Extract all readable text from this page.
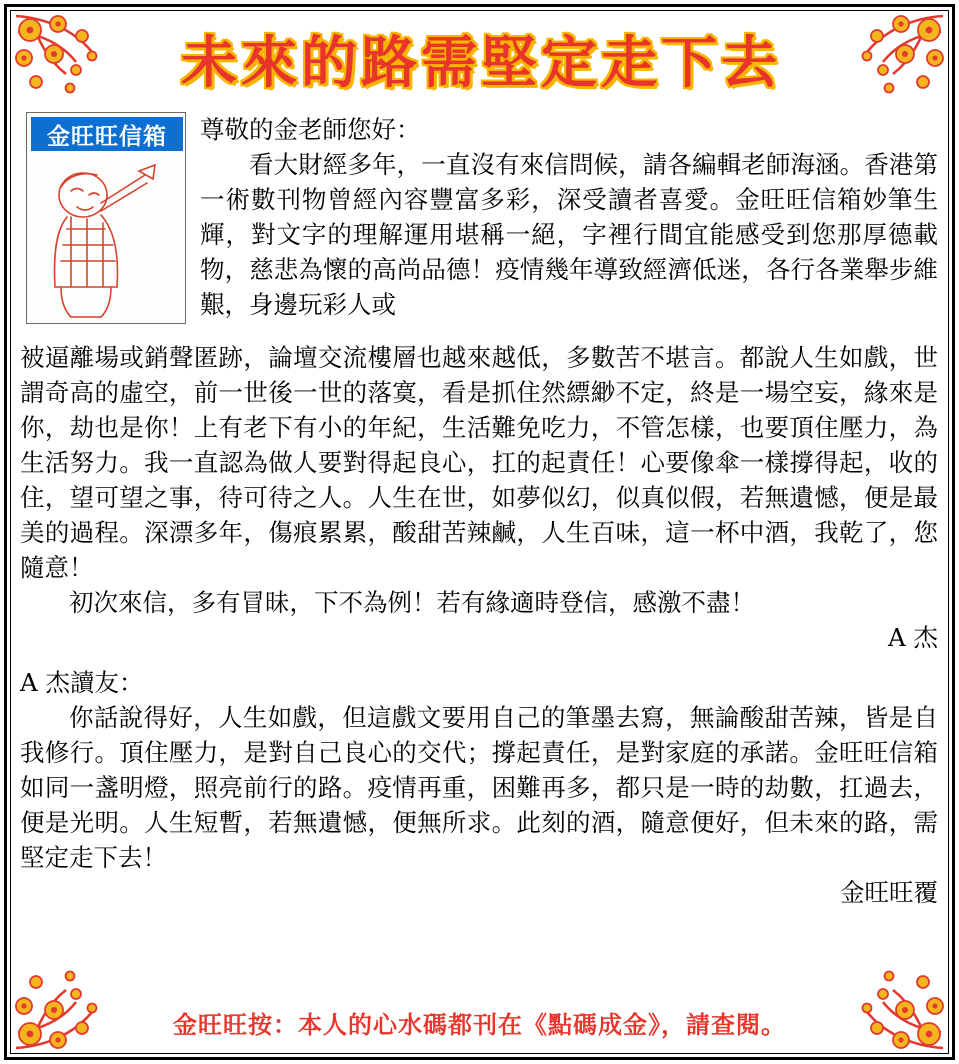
未來的路需堅定走下去
金旺旺信箱	尊敬的金老師您好：

看大財經多年，一直沒有來信問候，請各編輯老師海涵。香港第一術數刊物曾經內容豐富多彩，深受讀者喜愛。金旺旺信箱妙筆生輝，對文字的理解運用堪稱一絕，字裡行間宜能感受到您那厚德載物，慈悲為懷的高尚品德！疫情幾年導致經濟低迷，各行各業舉步維艱，身邊玩彩人或

被逼離場或銷聲匿跡，論壇交流樓層也越來越低，多數苦不堪言。都說人生如戲，世謂奇高的虛空，前一世後一世的落寞，看是抓住然縹緲不定，終是一場空妄，緣來是你，劫也是你！上有老下有小的年紀，生活難免吃力，不管怎樣，也要頂住壓力，為生活努力。我一直認為做人要對得起良心，扛的起責任！心要像傘一樣撐得起，收的住，望可望之事，待可待之人。人生在世，如夢似幻，似真似假，若無遺憾，便是最美的過程。深漂多年，傷痕累累，酸甜苦辣鹹，人生百味，這一杯中酒，我乾了，您隨意！

初次來信，多有冒昧，下不為例！若有緣適時登信，感激不盡！

A 杰

A 杰讀友：

你話說得好，人生如戲，但這戲文要用自己的筆墨去寫，無論酸甜苦辣，皆是自我修行。頂住壓力，是對自己良心的交代；撐起責任，是對家庭的承諾。金旺旺信箱如同一盞明燈，照亮前行的路。疫情再重，困難再多，都只是一時的劫數，扛過去，便是光明。人生短暫，若無遺憾，便無所求。此刻的酒，隨意便好，但未來的路，需堅定走下去！

金旺旺覆

金旺旺按：本人的心水碼都刊在《點碼成金》，請查閱。
